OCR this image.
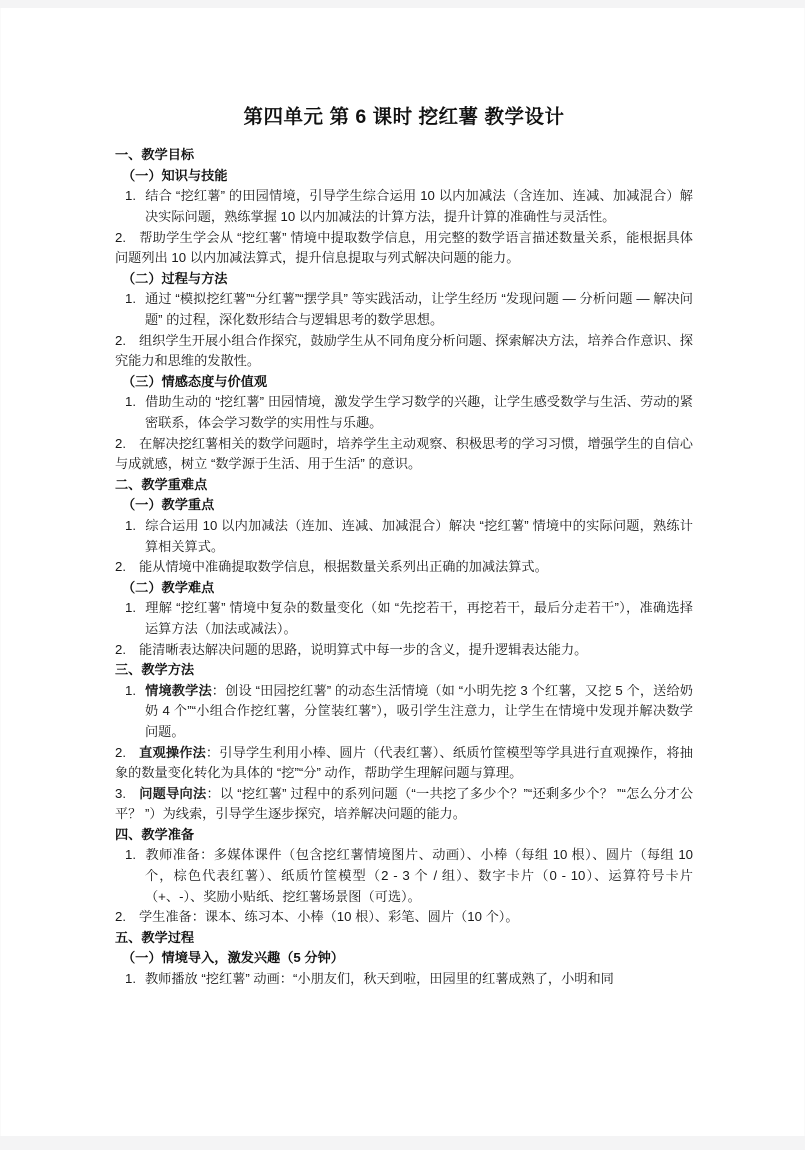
第四单元 第 6 课时 挖红薯 教学设计
一、教学目标
（一）知识与技能
1. 结合 “挖红薯” 的田园情境，引导学生综合运用 10 以内加减法（含连加、连减、加减混合）解决实际问题，熟练掌握 10 以内加减法的计算方法，提升计算的准确性与灵活性。
2. 帮助学生学会从 “挖红薯” 情境中提取数学信息，用完整的数学语言描述数量关系，能根据具体问题列出 10 以内加减法算式，提升信息提取与列式解决问题的能力。
（二）过程与方法
1. 通过 “模拟挖红薯”“分红薯”“摆学具” 等实践活动，让学生经历 “发现问题 — 分析问题 — 解决问题” 的过程，深化数形结合与逻辑思考的数学思想。
2. 组织学生开展小组合作探究，鼓励学生从不同角度分析问题、探索解决方法，培养合作意识、探究能力和思维的发散性。
（三）情感态度与价值观
1. 借助生动的 “挖红薯” 田园情境，激发学生学习数学的兴趣，让学生感受数学与生活、劳动的紧密联系，体会学习数学的实用性与乐趣。
2. 在解决挖红薯相关的数学问题时，培养学生主动观察、积极思考的学习习惯，增强学生的自信心与成就感，树立 “数学源于生活、用于生活” 的意识。
二、教学重难点
（一）教学重点
1. 综合运用 10 以内加减法（连加、连减、加减混合）解决 “挖红薯” 情境中的实际问题，熟练计算相关算式。
2. 能从情境中准确提取数学信息，根据数量关系列出正确的加减法算式。
（二）教学难点
1. 理解 “挖红薯” 情境中复杂的数量变化（如 “先挖若干，再挖若干，最后分走若干”），准确选择运算方法（加法或减法）。
2. 能清晰表达解决问题的思路，说明算式中每一步的含义，提升逻辑表达能力。
三、教学方法
1. 情境教学法：创设 “田园挖红薯” 的动态生活情境（如 “小明先挖 3 个红薯，又挖 5 个，送给奶奶 4 个”“小组合作挖红薯，分筐装红薯”），吸引学生注意力，让学生在情境中发现并解决数学问题。
2. 直观操作法：引导学生利用小棒、圆片（代表红薯）、纸质竹筐模型等学具进行直观操作，将抽象的数量变化转化为具体的 “挖”“分” 动作，帮助学生理解问题与算理。
3. 问题导向法：以 “挖红薯” 过程中的系列问题（“一共挖了多少个？”“还剩多少个？ ”“怎么分才公平？ ”）为线索，引导学生逐步探究，培养解决问题的能力。
四、教学准备
1. 教师准备：多媒体课件（包含挖红薯情境图片、动画）、小棒（每组 10 根）、圆片（每组 10 个，棕色代表红薯）、纸质竹筐模型（2 - 3 个 / 组）、数字卡片（0 - 10）、运算符号卡片（+、-）、奖励小贴纸、挖红薯场景图（可选）。
2. 学生准备：课本、练习本、小棒（10 根）、彩笔、圆片（10 个）。
五、教学过程
（一）情境导入，激发兴趣（5 分钟）
1. 教师播放 “挖红薯” 动画：“小朋友们，秋天到啦，田园里的红薯成熟了，小明和同
